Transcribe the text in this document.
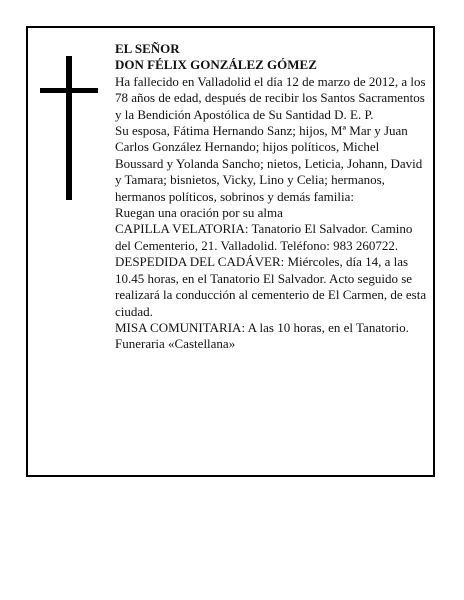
EL SEÑOR

DON FÉLIX GONZÁLEZ GÓMEZ

Ha fallecido en Valladolid el día 12 de marzo de 2012, a los 78 años de edad, después de recibir los Santos Sacramentos y la Bendición Apostólica de Su Santidad D. E. P.

Su esposa, Fátima Hernando Sanz; hijos, Mª Mar y Juan Carlos González Hernando; hijos políticos, Michel Boussard y Yolanda Sancho; nietos, Leticia, Johann, David y Tamara; bisnietos, Vicky, Lino y Celia; hermanos, hermanos políticos, sobrinos y demás familia:

Ruegan una oración por su alma

CAPILLA VELATORIA: Tanatorio El Salvador. Camino del Cementerio, 21. Valladolid. Teléfono: 983 260722.

DESPEDIDA DEL CADÁVER: Miércoles, día 14, a las 10.45 horas, en el Tanatorio El Salvador. Acto seguido se realizará la conducción al cementerio de El Carmen, de esta ciudad.

MISA COMUNITARIA: A las 10 horas, en el Tanatorio.

Funeraria «Castellana»
